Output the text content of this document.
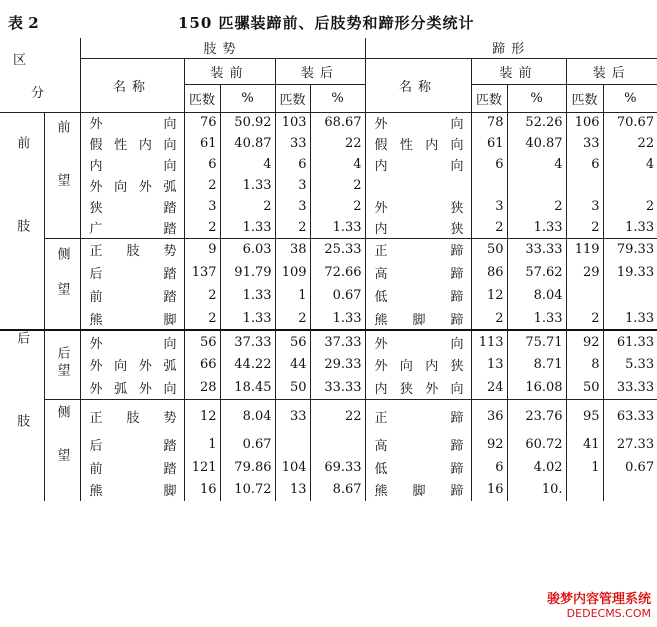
表 2	150 匹骡装蹄前、后肢势和蹄形分类统计
区
分		肢势					蹄形				
		名称	装前		装后		名称	装前		装后	
			匹数	%	匹数	%		匹数	%	匹数	%
前肢	前望	外 向	76	50.92	103	68.67	外 向	78	52.26	106	70.67

		假 性 内 向	61	40.87	33	22	假 性 内 向	61	40.87	33	22

		内 向	6	4	6	4	内 向	6	4	6	4

		外 向 外 弧	2	1.33	3	2	

		狭 踏	3	2	3	2	外 狭	3	2	3	2

		广 踏	2	1.33	2	1.33	内 狭	2	1.33	2	1.33
	侧望	正 肢 势	9	6.03	38	25.33	正 蹄	50	33.33	119	79.33

		后 踏	137	91.79	109	72.66	高 蹄	86	57.62	29	19.33

		前 踏	2	1.33	1	0.67	低 蹄	12	8.04		

		熊 脚	2	1.33	2	1.33	熊 脚 蹄	2	1.33	2	1.33
后肢	后望	外 向	56	37.33	56	37.33	外 向	113	75.71	92	61.33

		外 向 外 弧	66	44.22	44	29.33	外 向 内 狭	13	8.71	8	5.33

		外 弧 外 向	28	18.45	50	33.33	内 狭 外 向	24	16.08	50	33.33
	侧望	正 肢 势	12	8.04	33	22	正 蹄	36	23.76	95	63.33

		后 踏	1	0.67			高 蹄	92	60.72	41	27.33

		前 踏	121	79.86	104	69.33	低 蹄	6	4.02	1	0.67

		熊 脚	16	10.72	13	8.67	熊 脚 蹄	16	10.		
骏梦内容管理系统
DEDECMS.COM
